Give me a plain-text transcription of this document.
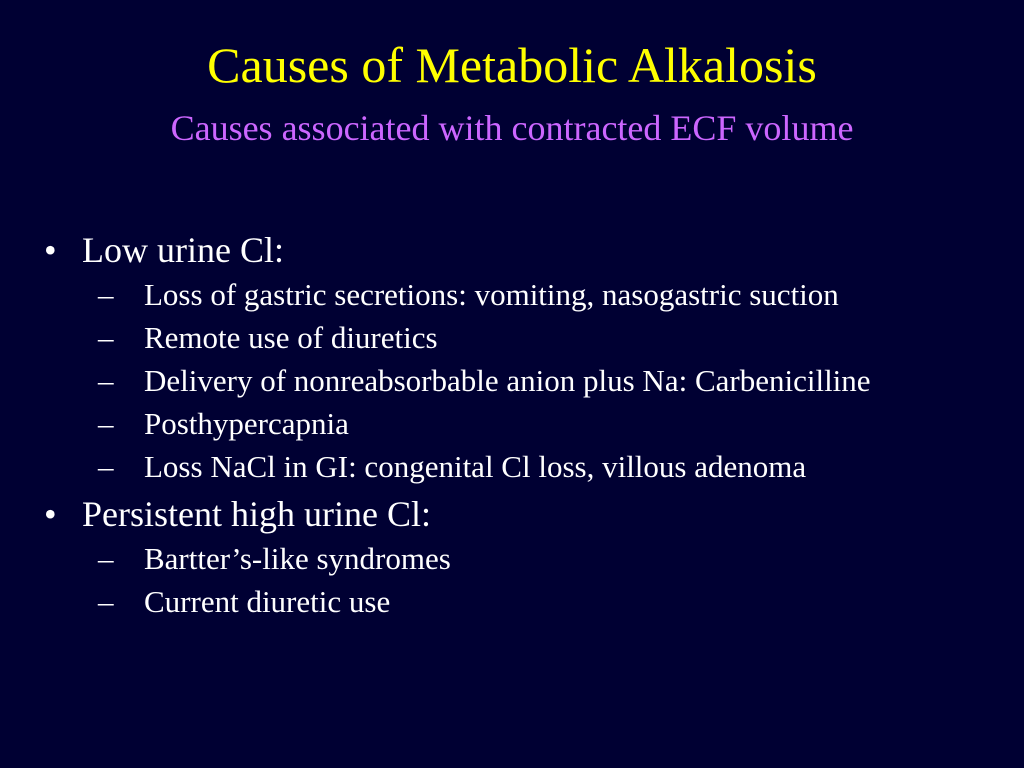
Causes of Metabolic Alkalosis
Causes associated with contracted ECF volume
• Low urine Cl:
– Loss of gastric secretions: vomiting, nasogastric suction
– Remote use of diuretics
– Delivery of nonreabsorbable anion plus Na: Carbenicilline
– Posthypercapnia
– Loss NaCl in GI: congenital Cl loss, villous adenoma
• Persistent high urine Cl:
– Bartter’s-like syndromes
– Current diuretic use
